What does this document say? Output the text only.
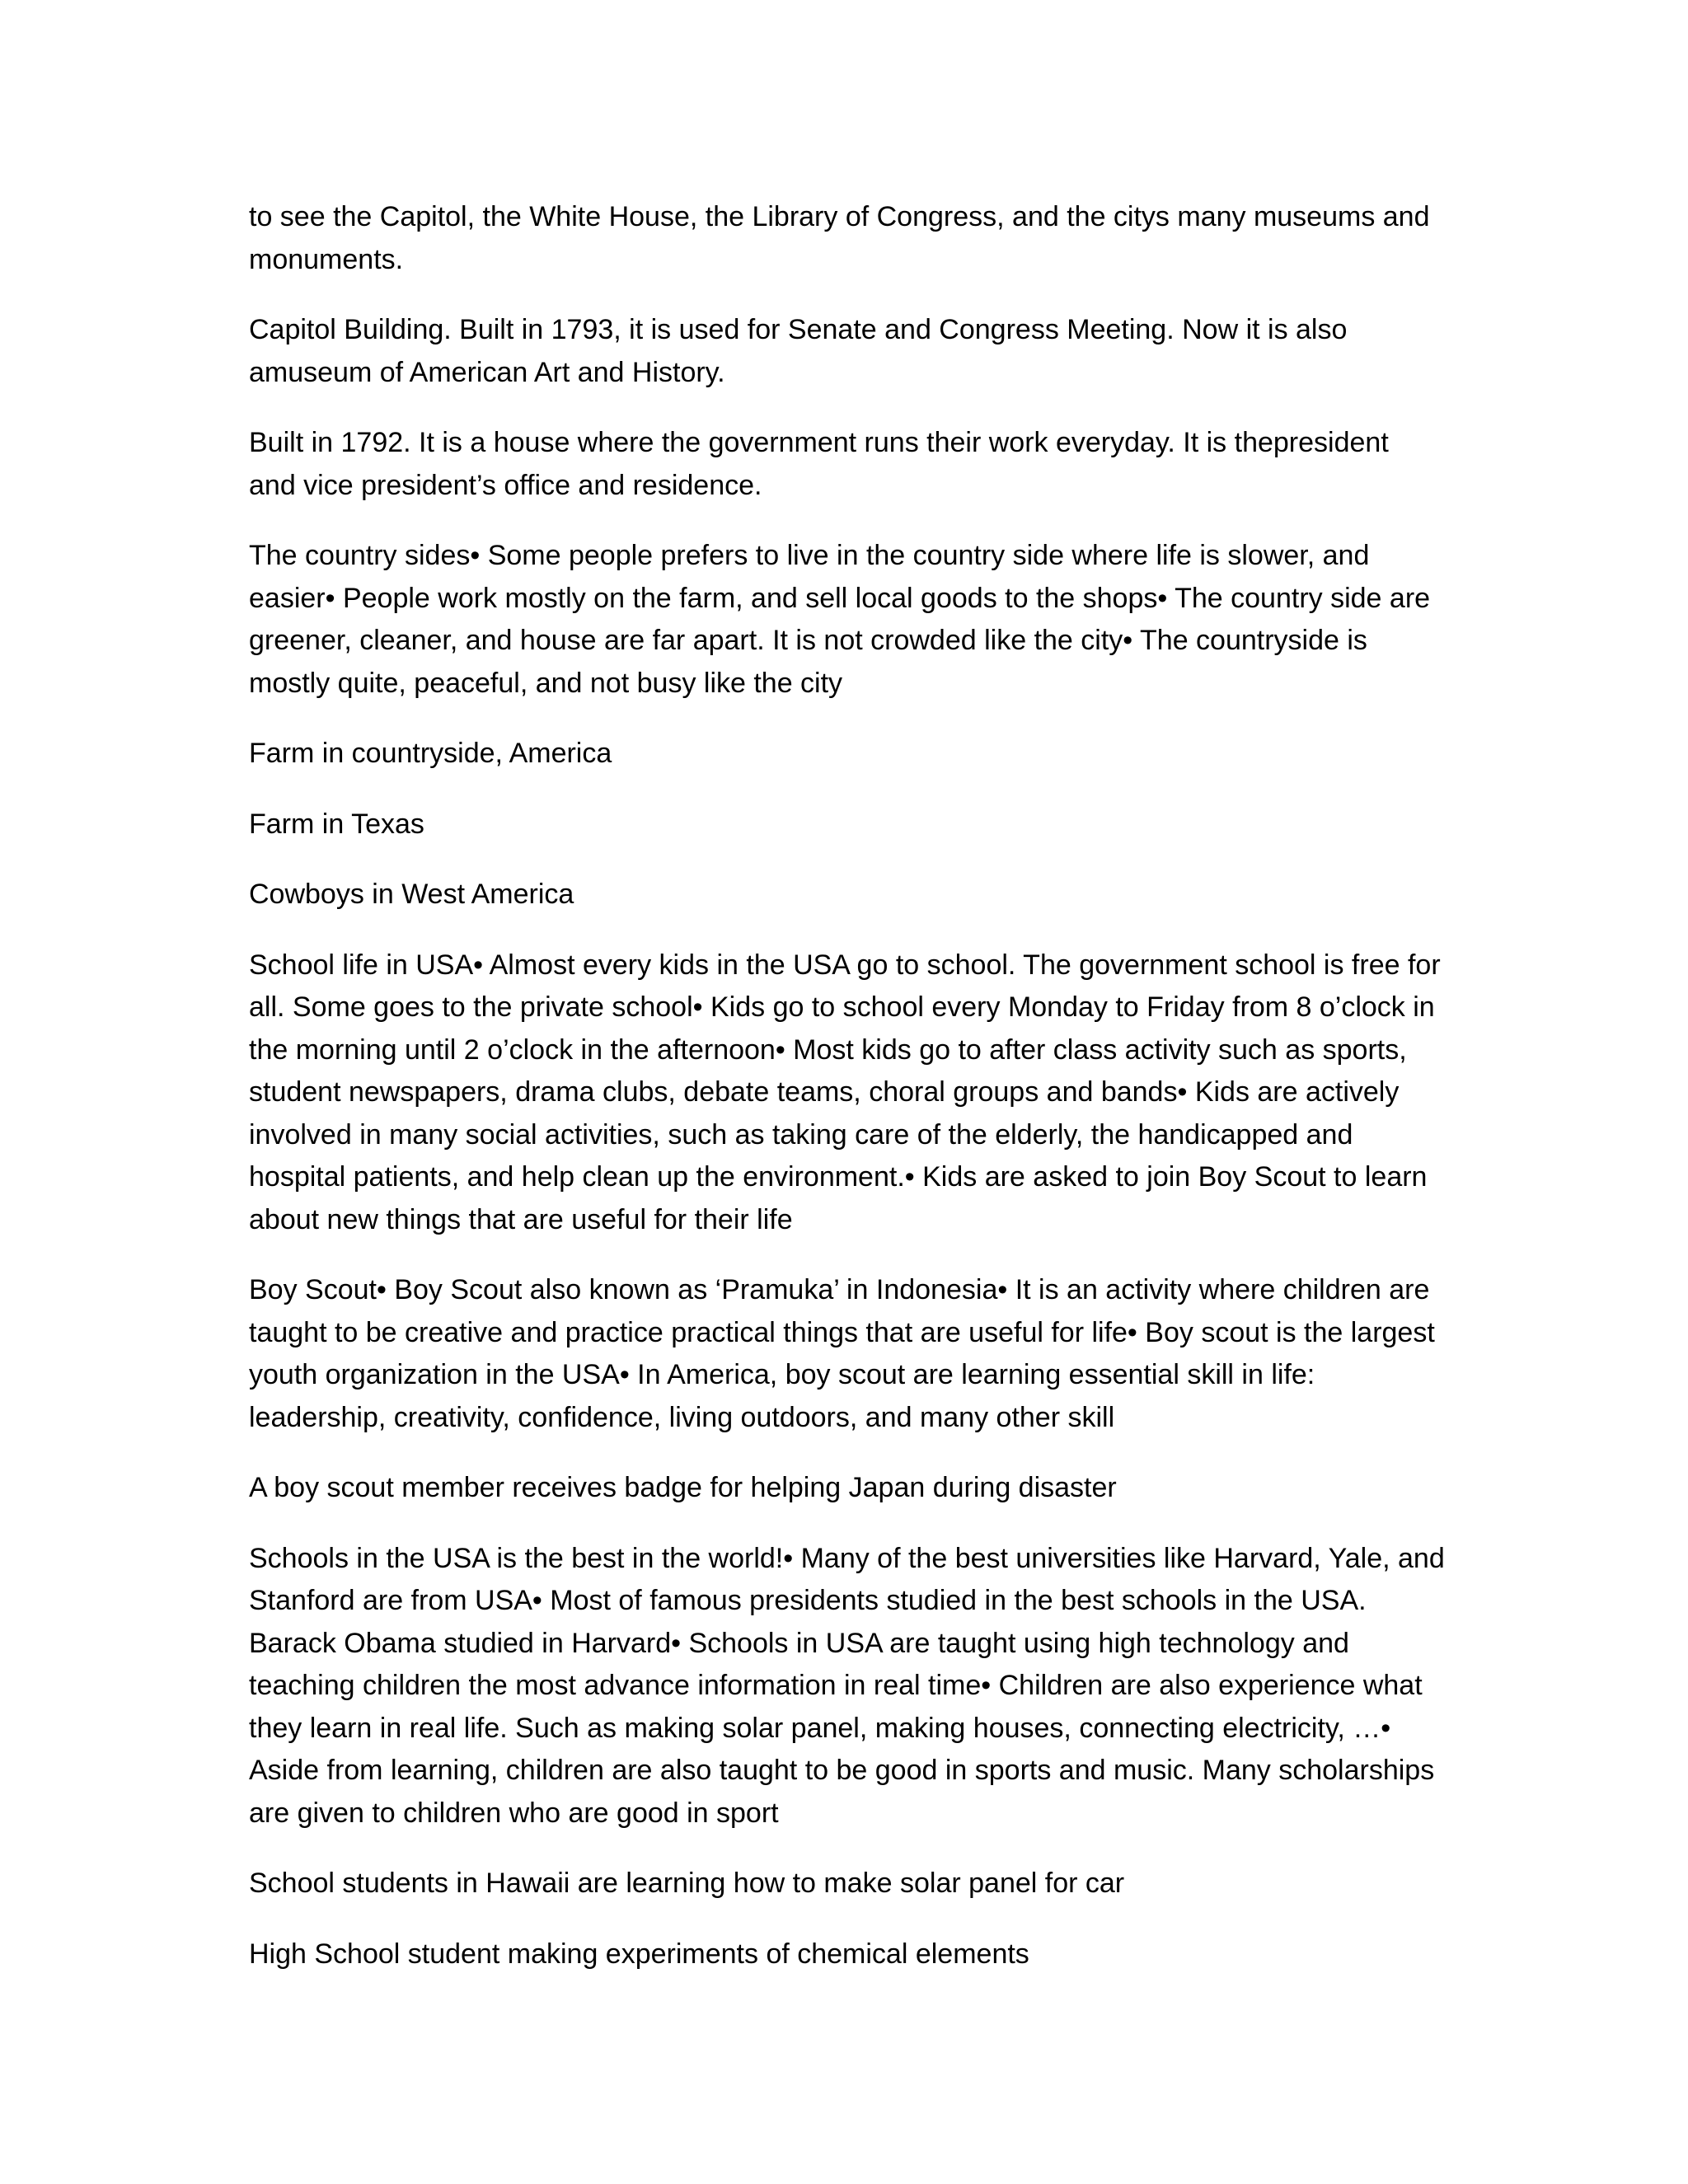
to see the Capitol, the White House, the Library of Congress, and the citys many museums and
monuments.

Capitol Building. Built in 1793, it is used for Senate and Congress Meeting. Now it is also
amuseum of American Art and History.

Built in 1792. It is a house where the government runs their work everyday. It is thepresident
and vice president’s office and residence.

The country sides• Some people prefers to live in the country side where life is slower, and
easier• People work mostly on the farm, and sell local goods to the shops• The country side are
greener, cleaner, and house are far apart. It is not crowded like the city• The countryside is
mostly quite, peaceful, and not busy like the city

Farm in countryside, America

Farm in Texas

Cowboys in West America

School life in USA• Almost every kids in the USA go to school. The government school is free for
all. Some goes to the private school• Kids go to school every Monday to Friday from 8 o’clock in
the morning until 2 o’clock in the afternoon• Most kids go to after class activity such as sports,
student newspapers, drama clubs, debate teams, choral groups and bands• Kids are actively
involved in many social activities, such as taking care of the elderly, the handicapped and
hospital patients, and help clean up the environment.• Kids are asked to join Boy Scout to learn
about new things that are useful for their life

Boy Scout• Boy Scout also known as ‘Pramuka’ in Indonesia• It is an activity where children are
taught to be creative and practice practical things that are useful for life• Boy scout is the largest
youth organization in the USA• In America, boy scout are learning essential skill in life:
leadership, creativity, confidence, living outdoors, and many other skill

A boy scout member receives badge for helping Japan during disaster

Schools in the USA is the best in the world!• Many of the best universities like Harvard, Yale, and
Stanford are from USA• Most of famous presidents studied in the best schools in the USA.
Barack Obama studied in Harvard• Schools in USA are taught using high technology and
teaching children the most advance information in real time• Children are also experience what
they learn in real life. Such as making solar panel, making houses, connecting electricity, …•
Aside from learning, children are also taught to be good in sports and music. Many scholarships
are given to children who are good in sport

School students in Hawaii are learning how to make solar panel for car

High School student making experiments of chemical elements
